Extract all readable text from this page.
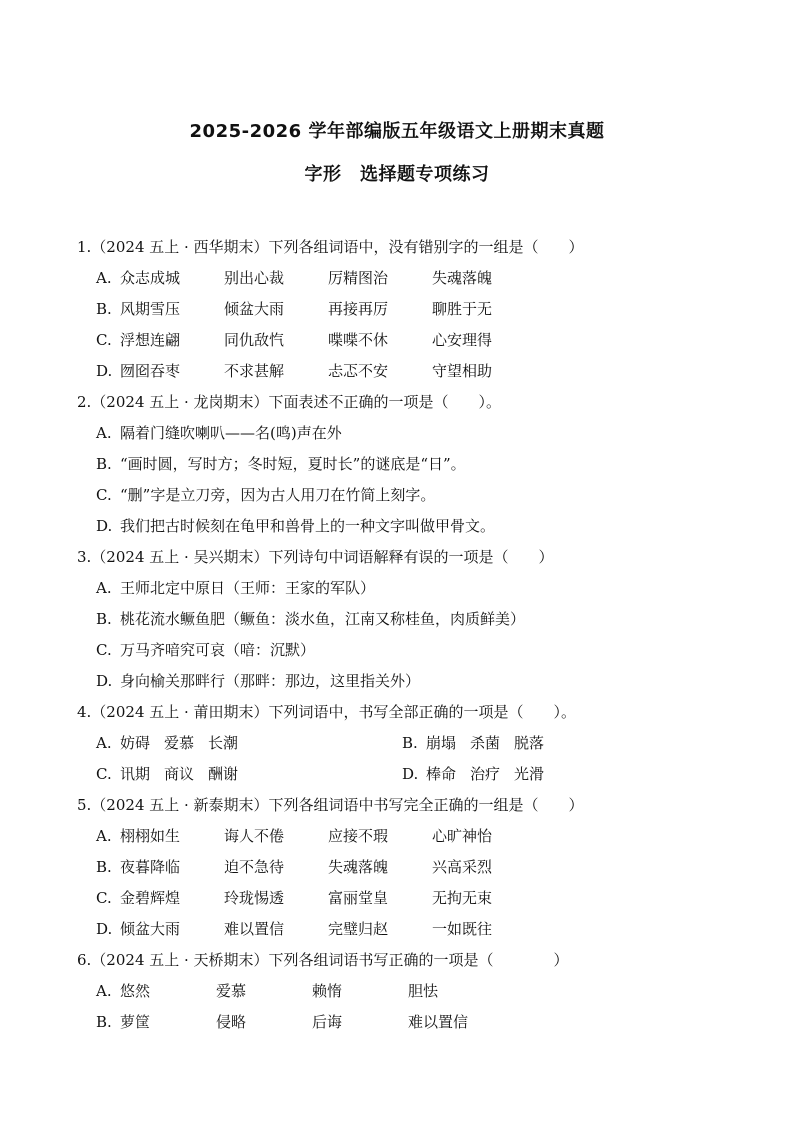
2025-2026 学年部编版五年级语文上册期末真题
字形　选择题专项练习
1.（2024 五上 · 西华期末）下列各组词语中，没有错别字的一组是（　　）
A. 众志成城	别出心裁	厉精图治	失魂落魄
B. 风期雪压	倾盆大雨	再接再厉	聊胜于无
C. 浮想连翩	同仇敌忾	喋喋不休	心安理得
D. 囫囵吞枣	不求甚解	忐忑不安	守望相助
2.（2024 五上 · 龙岗期末）下面表述不正确的一项是（　　）。
A. 隔着门缝吹喇叭——名(鸣)声在外
B. “画时圆，写时方；冬时短，夏时长”的谜底是“日”。
C. “删”字是立刀旁，因为古人用刀在竹简上刻字。
D. 我们把古时候刻在龟甲和兽骨上的一种文字叫做甲骨文。
3.（2024 五上 · 吴兴期末）下列诗句中词语解释有误的一项是（　　）
A. 王师北定中原日（王师：王家的军队）
B. 桃花流水鳜鱼肥（鳜鱼：淡水鱼，江南又称桂鱼，肉质鲜美）
C. 万马齐喑究可哀（喑：沉默）
D. 身向榆关那畔行（那畔：那边，这里指关外）
4.（2024 五上 · 莆田期末）下列词语中，书写全部正确的一项是（　　）。
A. 妨碍 爱慕 长潮	B. 崩塌 杀菌 脱落
C. 讯期 商议 酬谢	D. 棒命 治疗 光滑
5.（2024 五上 · 新泰期末）下列各组词语中书写完全正确的一组是（　　）
A. 栩栩如生	诲人不倦	应接不瑕	心旷神怡
B. 夜暮降临	迫不急待	失魂落魄	兴高采烈
C. 金碧辉煌	玲珑惕透	富丽堂皇	无拘无束
D. 倾盆大雨	难以置信	完璧归赵	一如既往
6.（2024 五上 · 天桥期末）下列各组词语书写正确的一项是（　　　　）
A. 悠然	爱慕	赖惰	胆怯
B. 萝筐	侵略	后诲	难以置信
